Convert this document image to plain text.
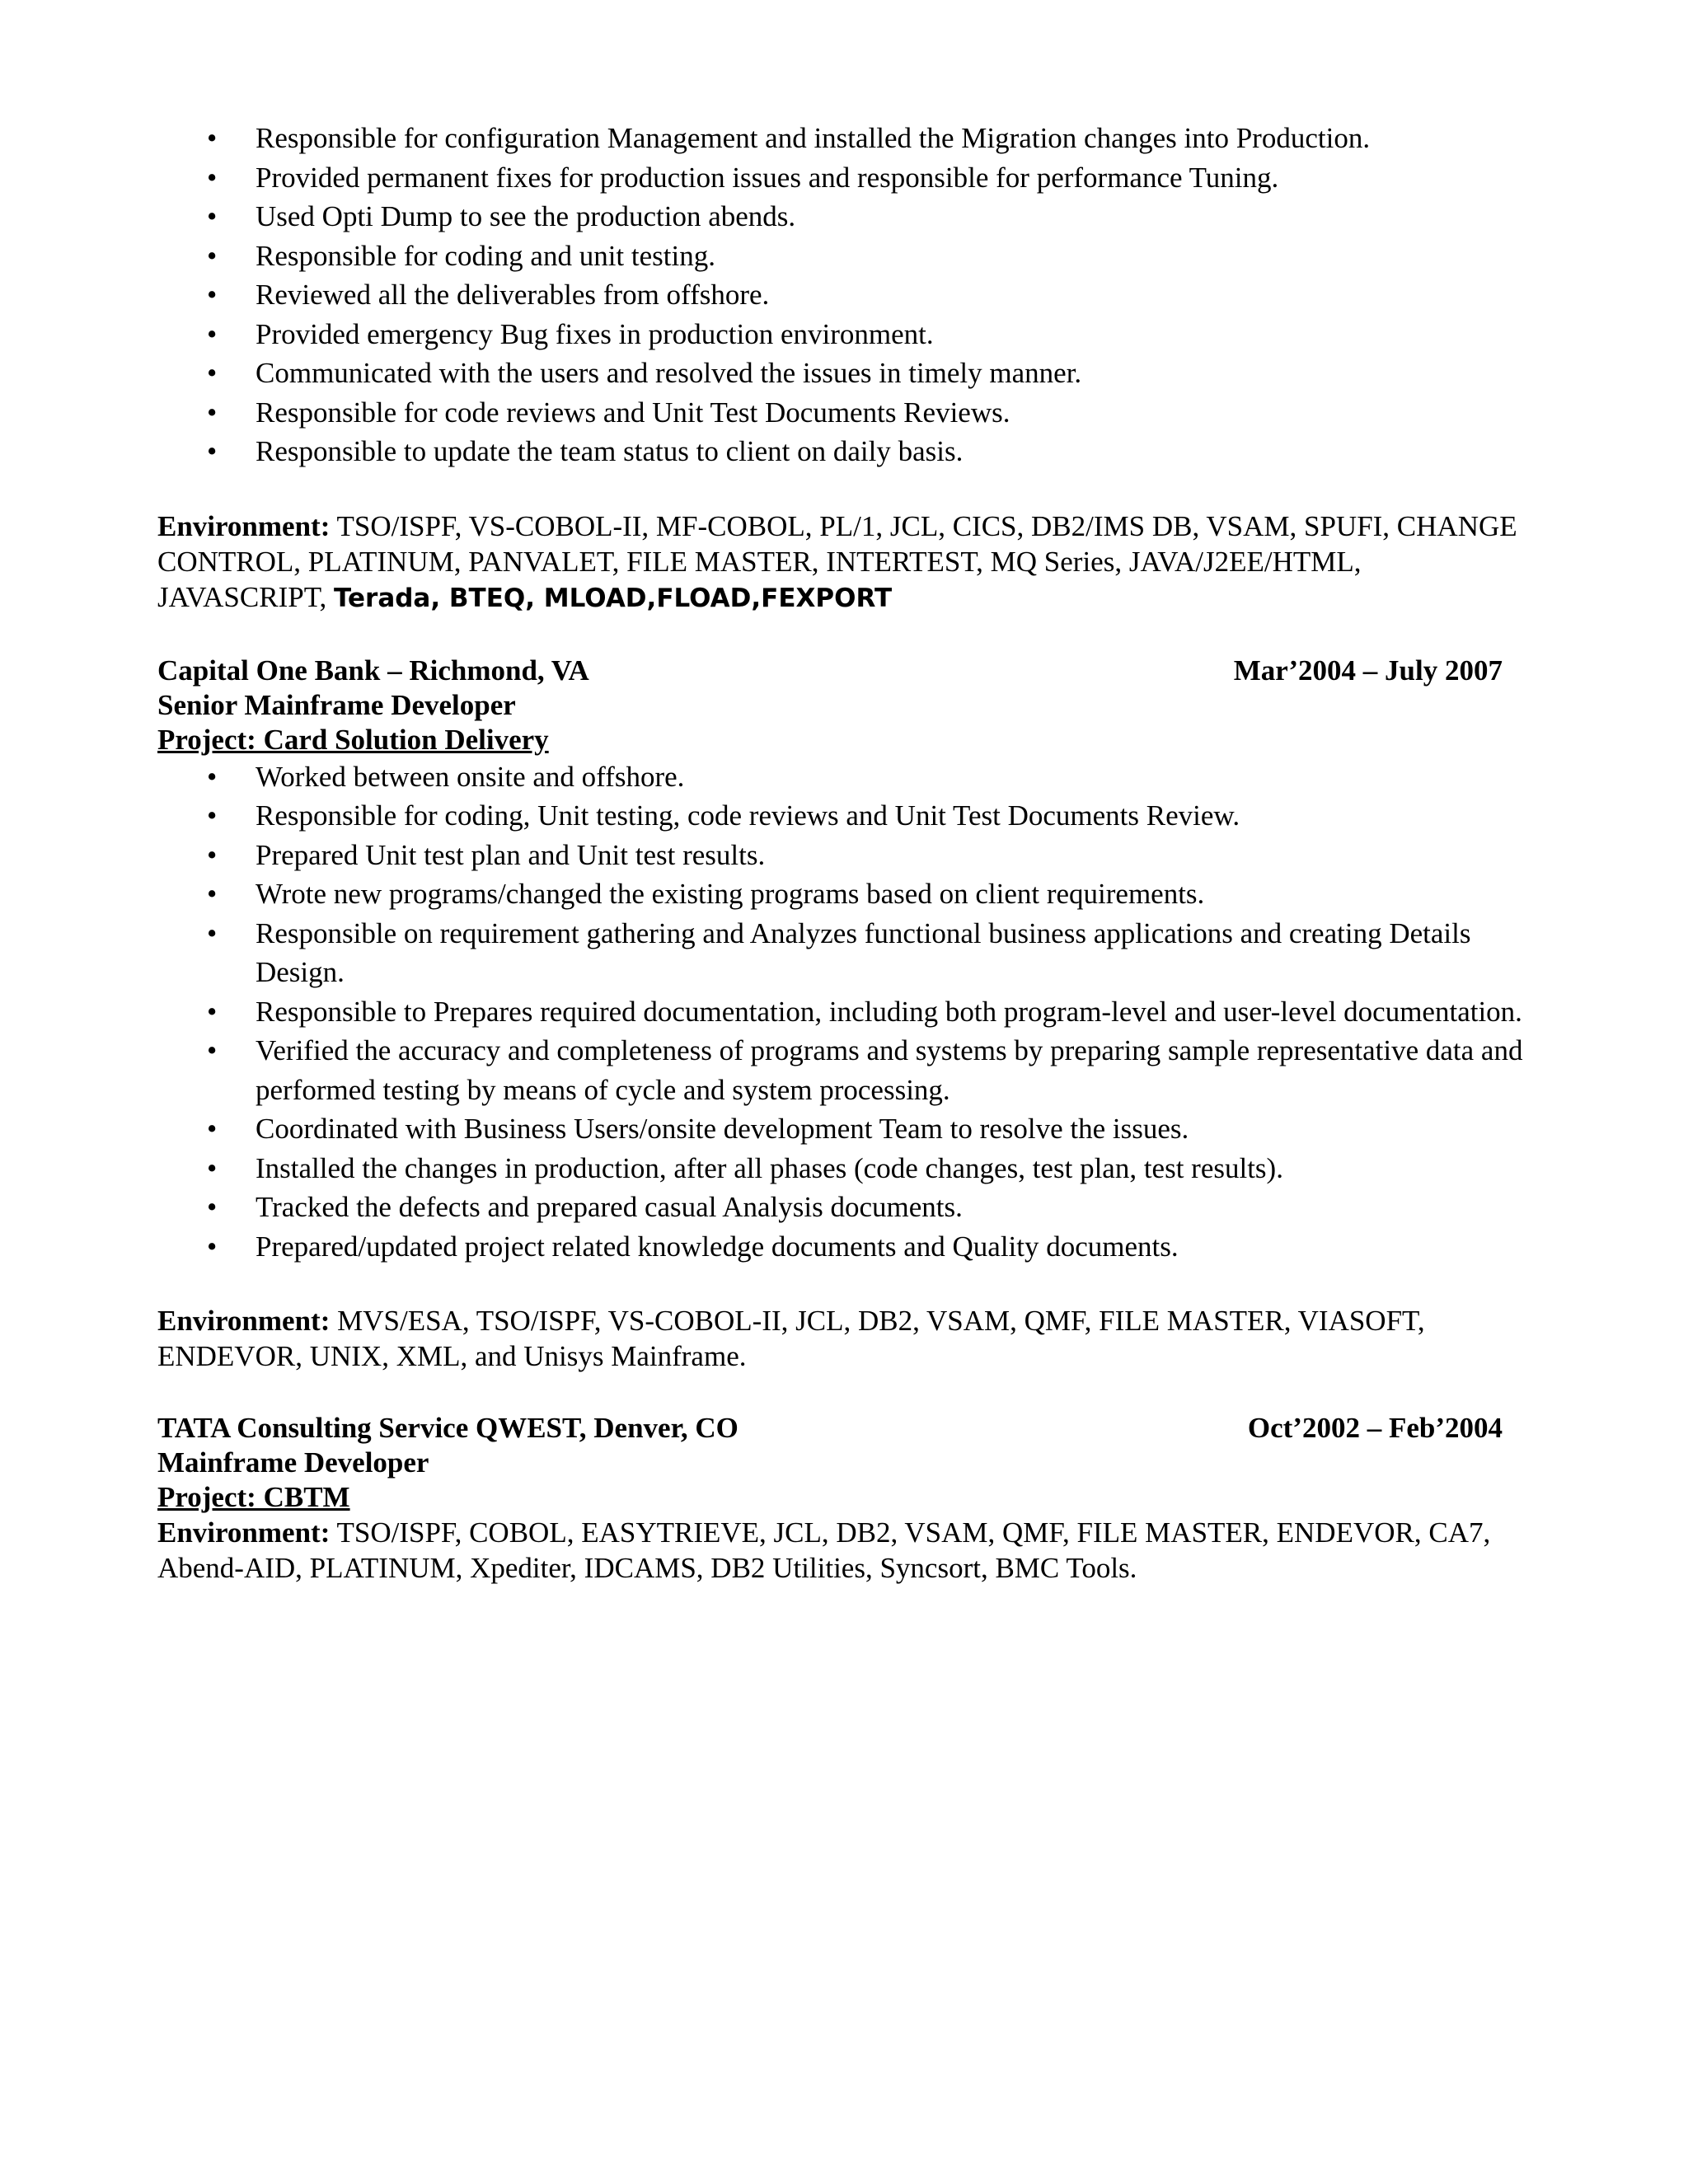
• Responsible for configuration Management and installed the Migration changes into Production.
• Provided permanent fixes for production issues and responsible for performance Tuning.
• Used Opti Dump to see the production abends.
• Responsible for coding and unit testing.
• Reviewed all the deliverables from offshore.
• Provided emergency Bug fixes in production environment.
• Communicated with the users and resolved the issues in timely manner.
• Responsible for code reviews and Unit Test Documents Reviews.
• Responsible to update the team status to client on daily basis.
Environment: TSO/ISPF, VS-COBOL-II, MF-COBOL, PL/1, JCL, CICS, DB2/IMS DB, VSAM, SPUFI, CHANGE CONTROL, PLATINUM, PANVALET, FILE MASTER, INTERTEST, MQ Series, JAVA/J2EE/HTML, JAVASCRIPT, Terada, BTEQ, MLOAD,FLOAD,FEXPORT
Capital One Bank – Richmond, VA	Mar’2004 – July 2007
Senior Mainframe Developer
Project: Card Solution Delivery
• Worked between onsite and offshore.
• Responsible for coding, Unit testing, code reviews and Unit Test Documents Review.
• Prepared Unit test plan and Unit test results.
• Wrote new programs/changed the existing programs based on client requirements.
• Responsible on requirement gathering and Analyzes functional business applications and creating Details Design.
• Responsible to Prepares required documentation, including both program-level and user-level documentation.
• Verified the accuracy and completeness of programs and systems by preparing sample representative data and performed testing by means of cycle and system processing.
• Coordinated with Business Users/onsite development Team to resolve the issues.
• Installed the changes in production, after all phases (code changes, test plan, test results).
• Tracked the defects and prepared casual Analysis documents.
• Prepared/updated project related knowledge documents and Quality documents.
Environment: MVS/ESA, TSO/ISPF, VS-COBOL-II, JCL, DB2, VSAM, QMF, FILE MASTER, VIASOFT, ENDEVOR, UNIX, XML, and Unisys Mainframe.
TATA Consulting Service QWEST, Denver, CO	Oct’2002 – Feb’2004
Mainframe Developer
Project: CBTM
Environment: TSO/ISPF, COBOL, EASYTRIEVE, JCL, DB2, VSAM, QMF, FILE MASTER, ENDEVOR, CA7, Abend-AID, PLATINUM, Xpediter, IDCAMS, DB2 Utilities, Syncsort, BMC Tools.
